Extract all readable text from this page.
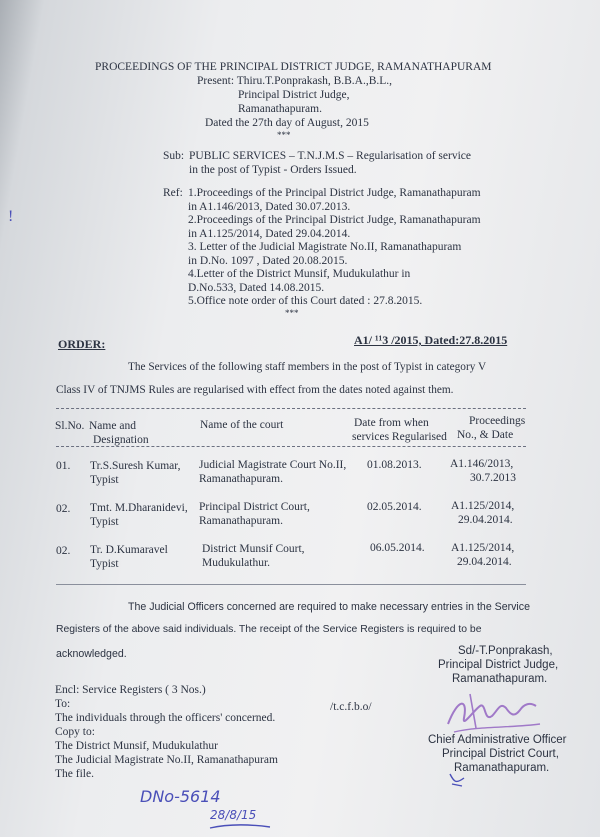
PROCEEDINGS OF THE PRINCIPAL DISTRICT JUDGE, RAMANATHAPURAM
Present: Thiru.T.Ponprakash, B.B.A.,B.L.,
Principal District Judge,
Ramanathapuram.
Dated the 27th day of August, 2015
***
Sub: PUBLIC SERVICES – T.N.J.M.S – Regularisation of service
in the post of Typist - Orders Issued.
Ref: 1.Proceedings of the Principal District Judge, Ramanathapuram
in A1.146/2013, Dated 30.07.2013.
2.Proceedings of the Principal District Judge, Ramanathapuram
in A1.125/2014, Dated 29.04.2014.
3. Letter of the Judicial Magistrate No.II, Ramanathapuram
in D.No. 1097 , Dated 20.08.2015.
4.Letter of the District Munsif, Mudukulathur in
D.No.533, Dated 14.08.2015.
5.Office note order of this Court dated : 27.8.2015.
***
ORDER:	A1/ ¹¹3 /2015, Dated:27.8.2015
The Services of the following staff members in the post of Typist in category V
Class IV of TNJMS Rules are regularised with effect from the dates noted against them.
Sl.No. Name and
Designation
Name of the court	Date from when
services Regularised
Proceedings
No., & Date
01. Tr.S.Suresh Kumar,
Typist
Judicial Magistrate Court No.II,
Ramanathapuram.
01.08.2013. A1.146/2013,
30.7.2013
02. Tmt. M.Dharanidevi,
Typist
Principal District Court,
Ramanathapuram.
02.05.2014.	A1.125/2014,
29.04.2014.
02. Tr. D.Kumaravel
Typist
District Munsif Court,
Mudukulathur.
06.05.2014. A1.125/2014,
29.04.2014.
The Judicial Officers concerned are required to make necessary entries in the Service
Registers of the above said individuals. The receipt of the Service Registers is required to be
acknowledged.	Sd/-T.Ponprakash,
Principal District Judge,
Ramanathapuram.
Encl: Service Registers ( 3 Nos.)
To:
The individuals through the officers' concerned.
/t.c.f.b.o/
Copy to:
The District Munsif, Mudukulathur
The Judicial Magistrate No.II, Ramanathapuram
The file.
Chief Administrative Officer
Principal District Court,
Ramanathapuram.
DNo-5614
28/8/15
ǃ
